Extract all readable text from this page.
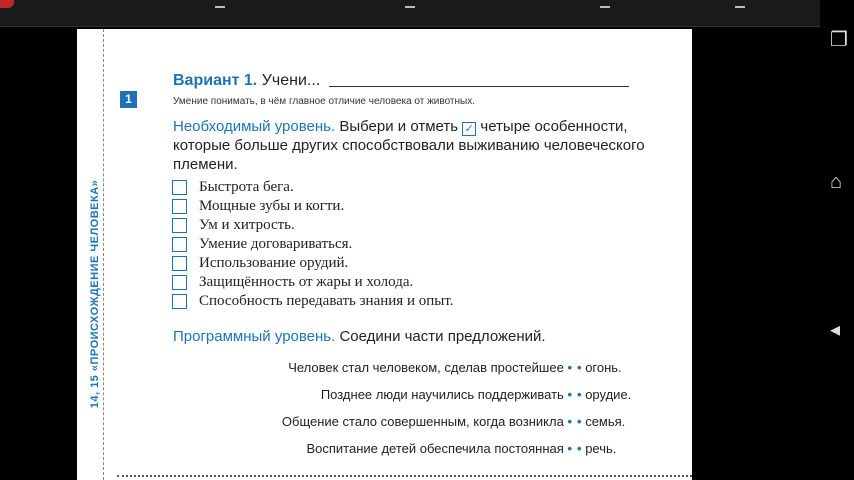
❐
⌂
◂
14, 15 «ПРОИСХОЖДЕНИЕ ЧЕЛОВЕКА»
1
Вариант 1. Учени...
Умение понимать, в чём главное отличие человека от животных.
Необходимый уровень. Выбери и отметь ✓ четыре особенности, которые больше других способствовали выживанию человеческого племени.
Быстрота бега.
Мощные зубы и когти.
Ум и хитрость.
Умение договариваться.
Использование орудий.
Защищённость от жары и холода.
Способность передавать знания и опыт.
Программный уровень. Соедини части предложений.
Человек стал человеком, сделав простейшее • • огонь.
Позднее люди научились поддерживать • • орудие.
Общение стало совершенным, когда возникла • • семья.
Воспитание детей обеспечила постоянная • • речь.
